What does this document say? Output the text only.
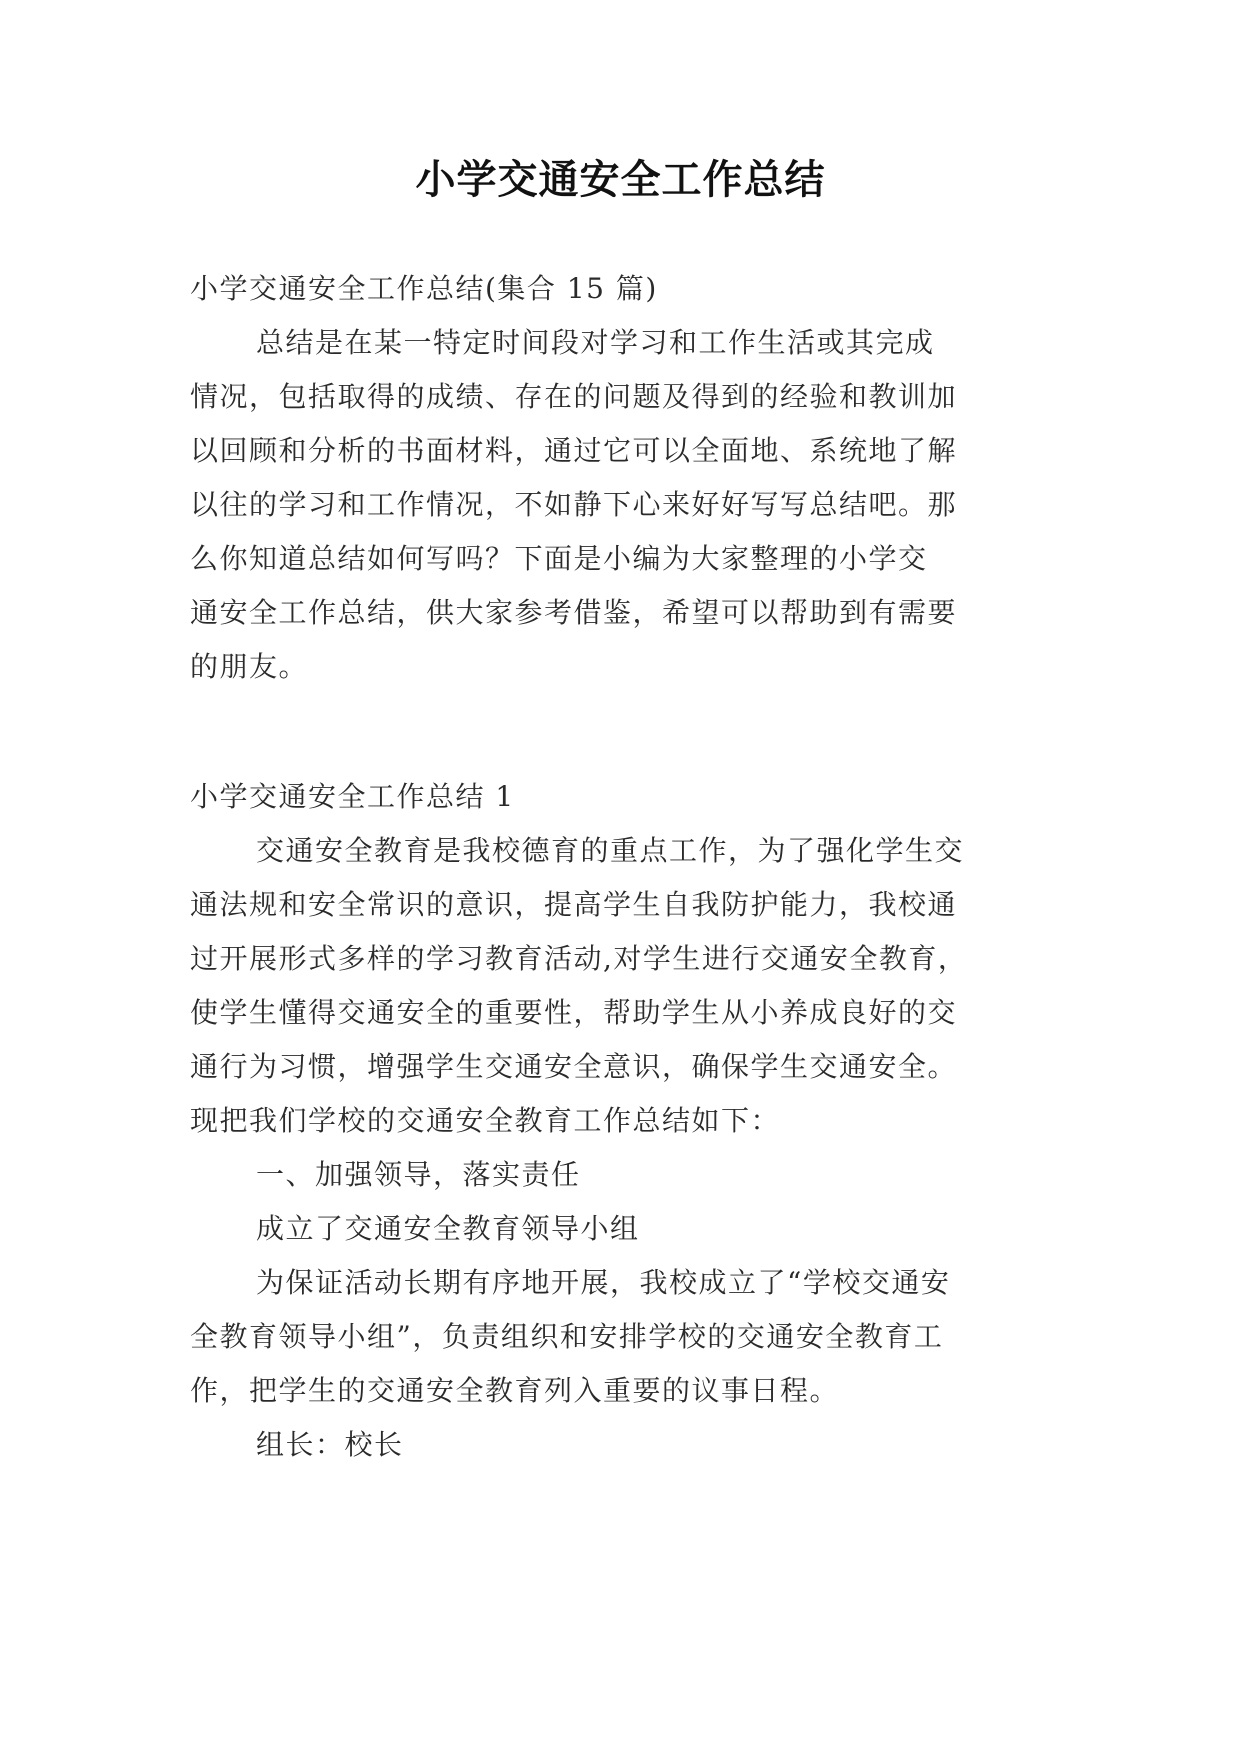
小学交通安全工作总结
小学交通安全工作总结(集合 15 篇)
总结是在某一特定时间段对学习和工作生活或其完成
情况，包括取得的成绩、存在的问题及得到的经验和教训加
以回顾和分析的书面材料，通过它可以全面地、系统地了解
以往的学习和工作情况，不如静下心来好好写写总结吧。那
么你知道总结如何写吗？下面是小编为大家整理的小学交
通安全工作总结，供大家参考借鉴，希望可以帮助到有需要
的朋友。
小学交通安全工作总结 1
交通安全教育是我校德育的重点工作，为了强化学生交
通法规和安全常识的意识，提高学生自我防护能力，我校通
过开展形式多样的学习教育活动,对学生进行交通安全教育，
使学生懂得交通安全的重要性，帮助学生从小养成良好的交
通行为习惯，增强学生交通安全意识，确保学生交通安全。
现把我们学校的交通安全教育工作总结如下：
一、加强领导，落实责任
成立了交通安全教育领导小组
为保证活动长期有序地开展，我校成立了“学校交通安
全教育领导小组”，负责组织和安排学校的交通安全教育工
作，把学生的交通安全教育列入重要的议事日程。
组长：校长
